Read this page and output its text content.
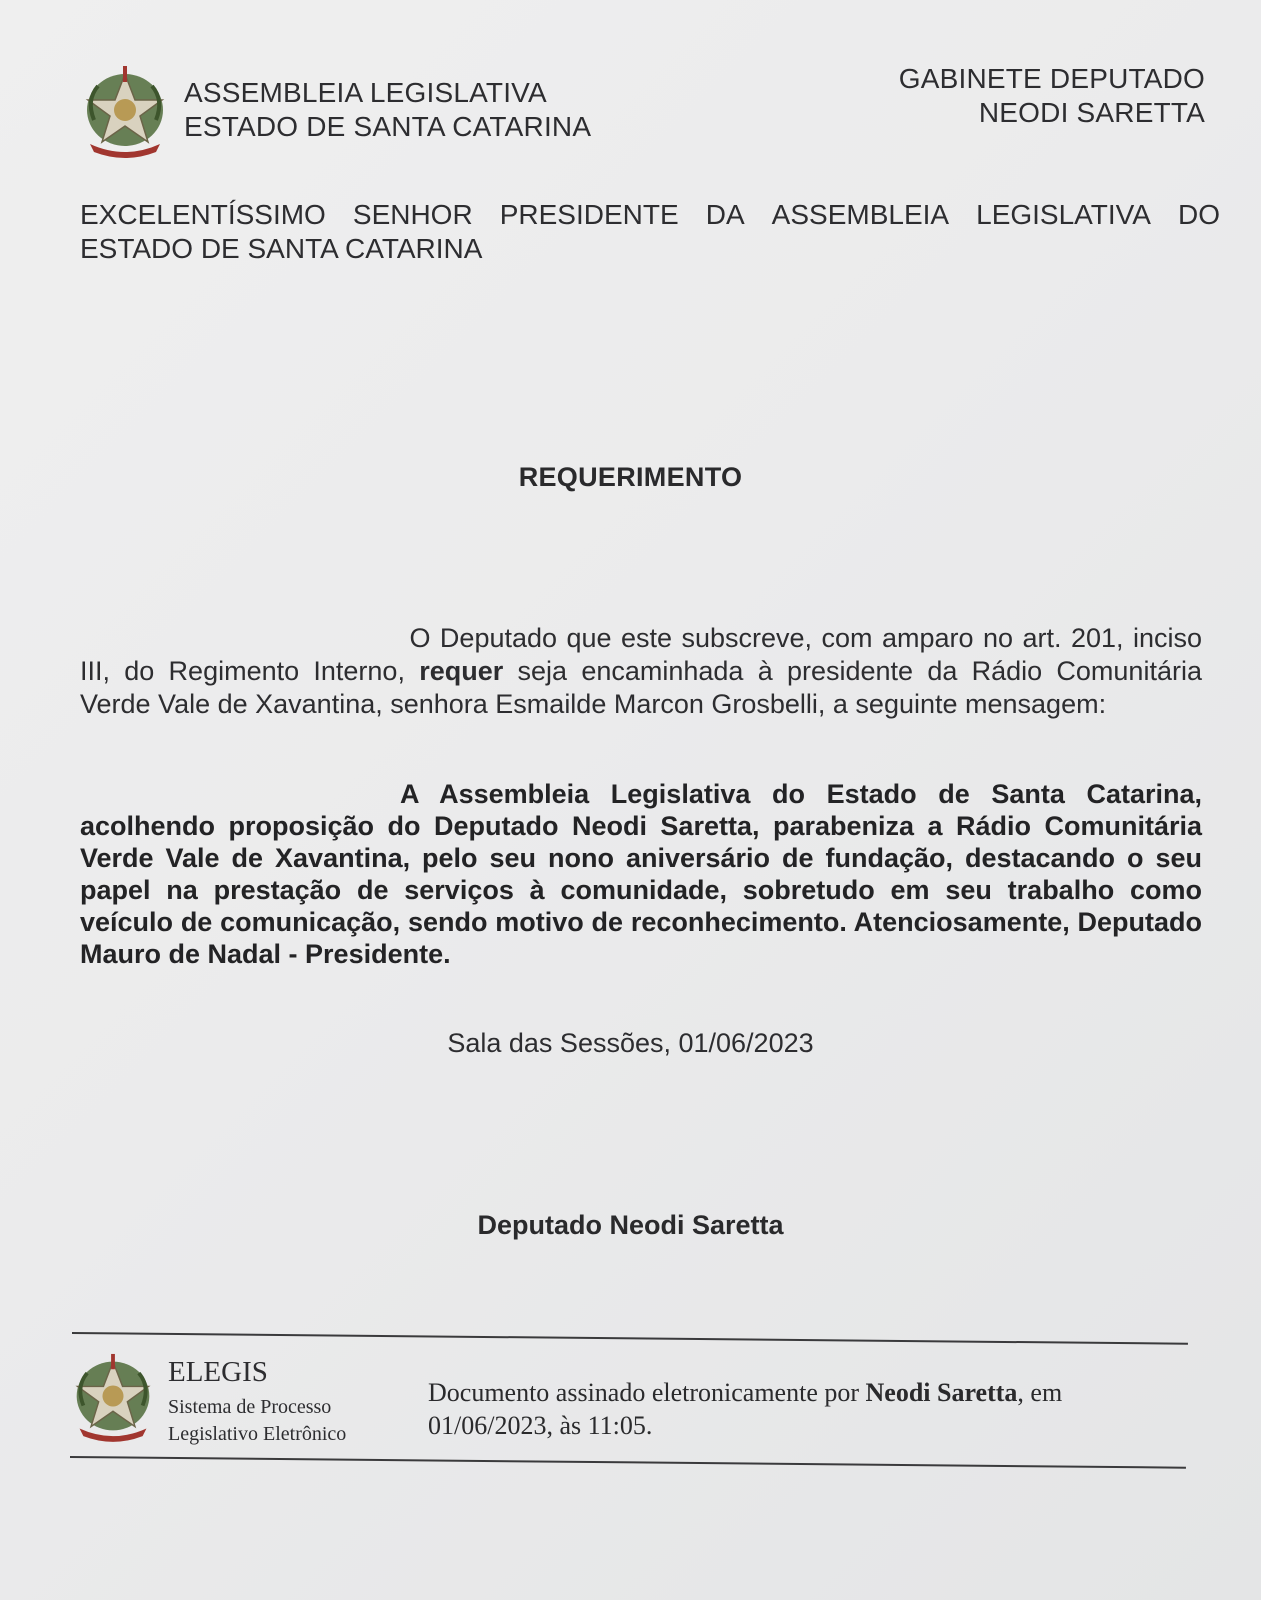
ASSEMBLEIA LEGISLATIVA
ESTADO DE SANTA CATARINA
GABINETE DEPUTADO
NEODI SARETTA
EXCELENTÍSSIMO SENHOR PRESIDENTE DA ASSEMBLEIA LEGISLATIVA DO
ESTADO DE SANTA CATARINA
REQUERIMENTO
O Deputado que este subscreve, com amparo no art. 201, inciso III, do Regimento Interno, requer seja encaminhada à presidente da Rádio Comunitária Verde Vale de Xavantina, senhora Esmailde Marcon Grosbelli, a seguinte mensagem:
A Assembleia Legislativa do Estado de Santa Catarina, acolhendo proposição do Deputado Neodi Saretta, parabeniza a Rádio Comunitária Verde Vale de Xavantina, pelo seu nono aniversário de fundação, destacando o seu papel na prestação de serviços à comunidade, sobretudo em seu trabalho como veículo de comunicação, sendo motivo de reconhecimento. Atenciosamente, Deputado Mauro de Nadal - Presidente.
Sala das Sessões, 01/06/2023
Deputado Neodi Saretta
ELEGIS
Sistema de Processo
Legislativo Eletrônico
Documento assinado eletronicamente por Neodi Saretta, em 01/06/2023, às 11:05.
